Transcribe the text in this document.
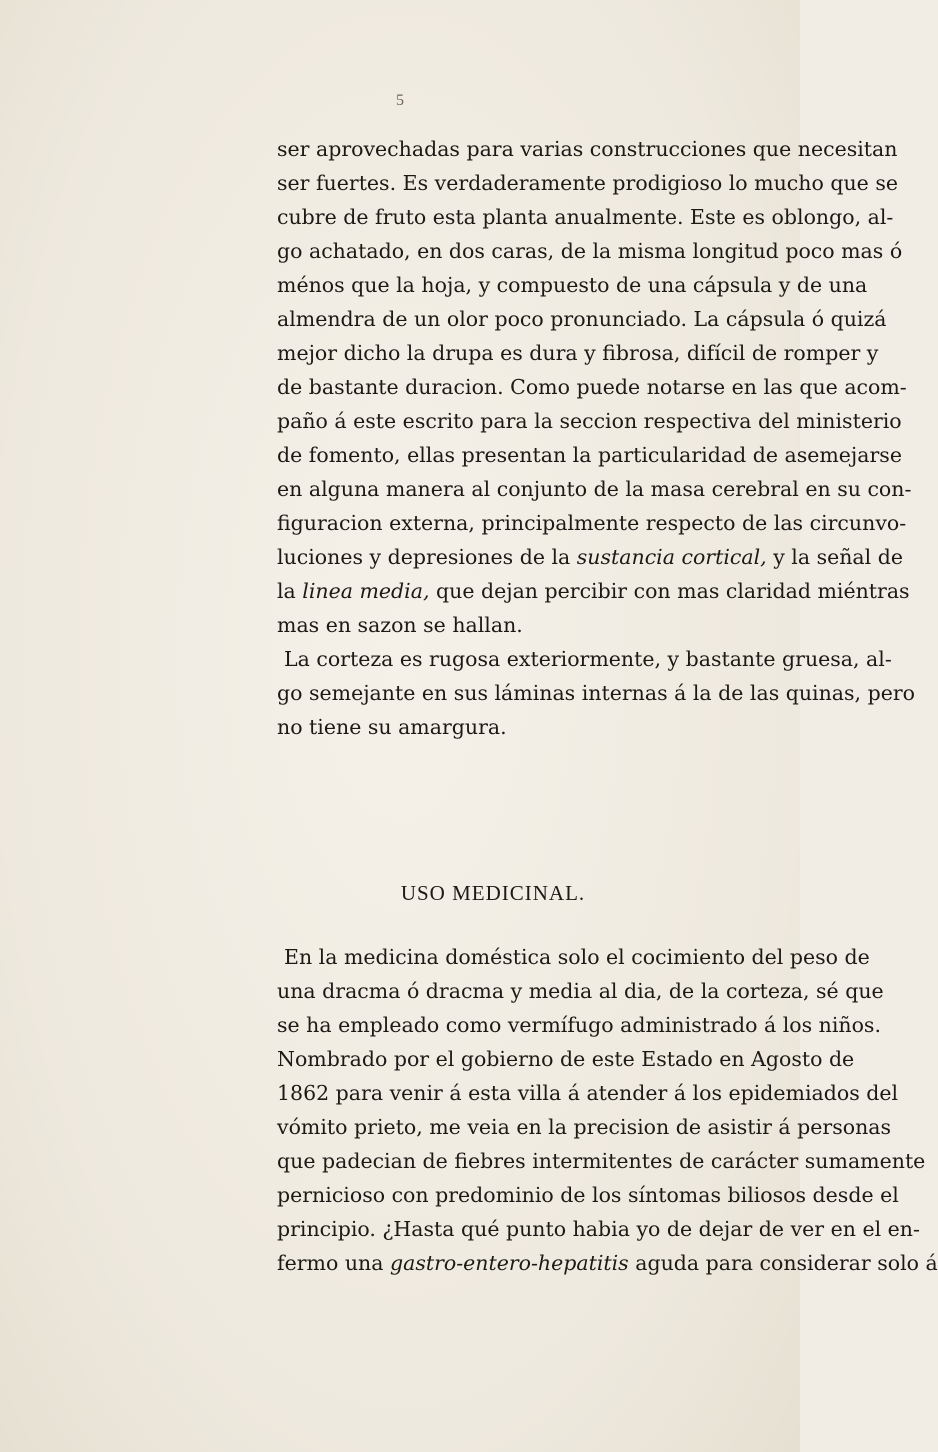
5
ser aprovechadas para varias construcciones que necesitan
ser fuertes. Es verdaderamente prodigioso lo mucho que se
cubre de fruto esta planta anualmente. Este es oblongo, al-
go achatado, en dos caras, de la misma longitud poco mas ó
ménos que la hoja, y compuesto de una cápsula y de una
almendra de un olor poco pronunciado. La cápsula ó quizá
mejor dicho la drupa es dura y fibrosa, difícil de romper y
de bastante duracion. Como puede notarse en las que acom-
paño á este escrito para la seccion respectiva del ministerio
de fomento, ellas presentan la particularidad de asemejarse
en alguna manera al conjunto de la masa cerebral en su con-
figuracion externa, principalmente respecto de las circunvo-
luciones y depresiones de la sustancia cortical, y la señal de
la linea media, que dejan percibir con mas claridad miéntras
mas en sazon se hallan.
La corteza es rugosa exteriormente, y bastante gruesa, al-
go semejante en sus láminas internas á la de las quinas, pero
no tiene su amargura.
USO MEDICINAL.
En la medicina doméstica solo el cocimiento del peso de
una dracma ó dracma y media al dia, de la corteza, sé que
se ha empleado como vermífugo administrado á los niños.
Nombrado por el gobierno de este Estado en Agosto de
1862 para venir á esta villa á atender á los epidemiados del
vómito prieto, me veia en la precision de asistir á personas
que padecian de fiebres intermitentes de carácter sumamente
pernicioso con predominio de los síntomas biliosos desde el
principio. ¿Hasta qué punto habia yo de dejar de ver en el en-
fermo una gastro-entero-hepatitis aguda para considerar solo á
